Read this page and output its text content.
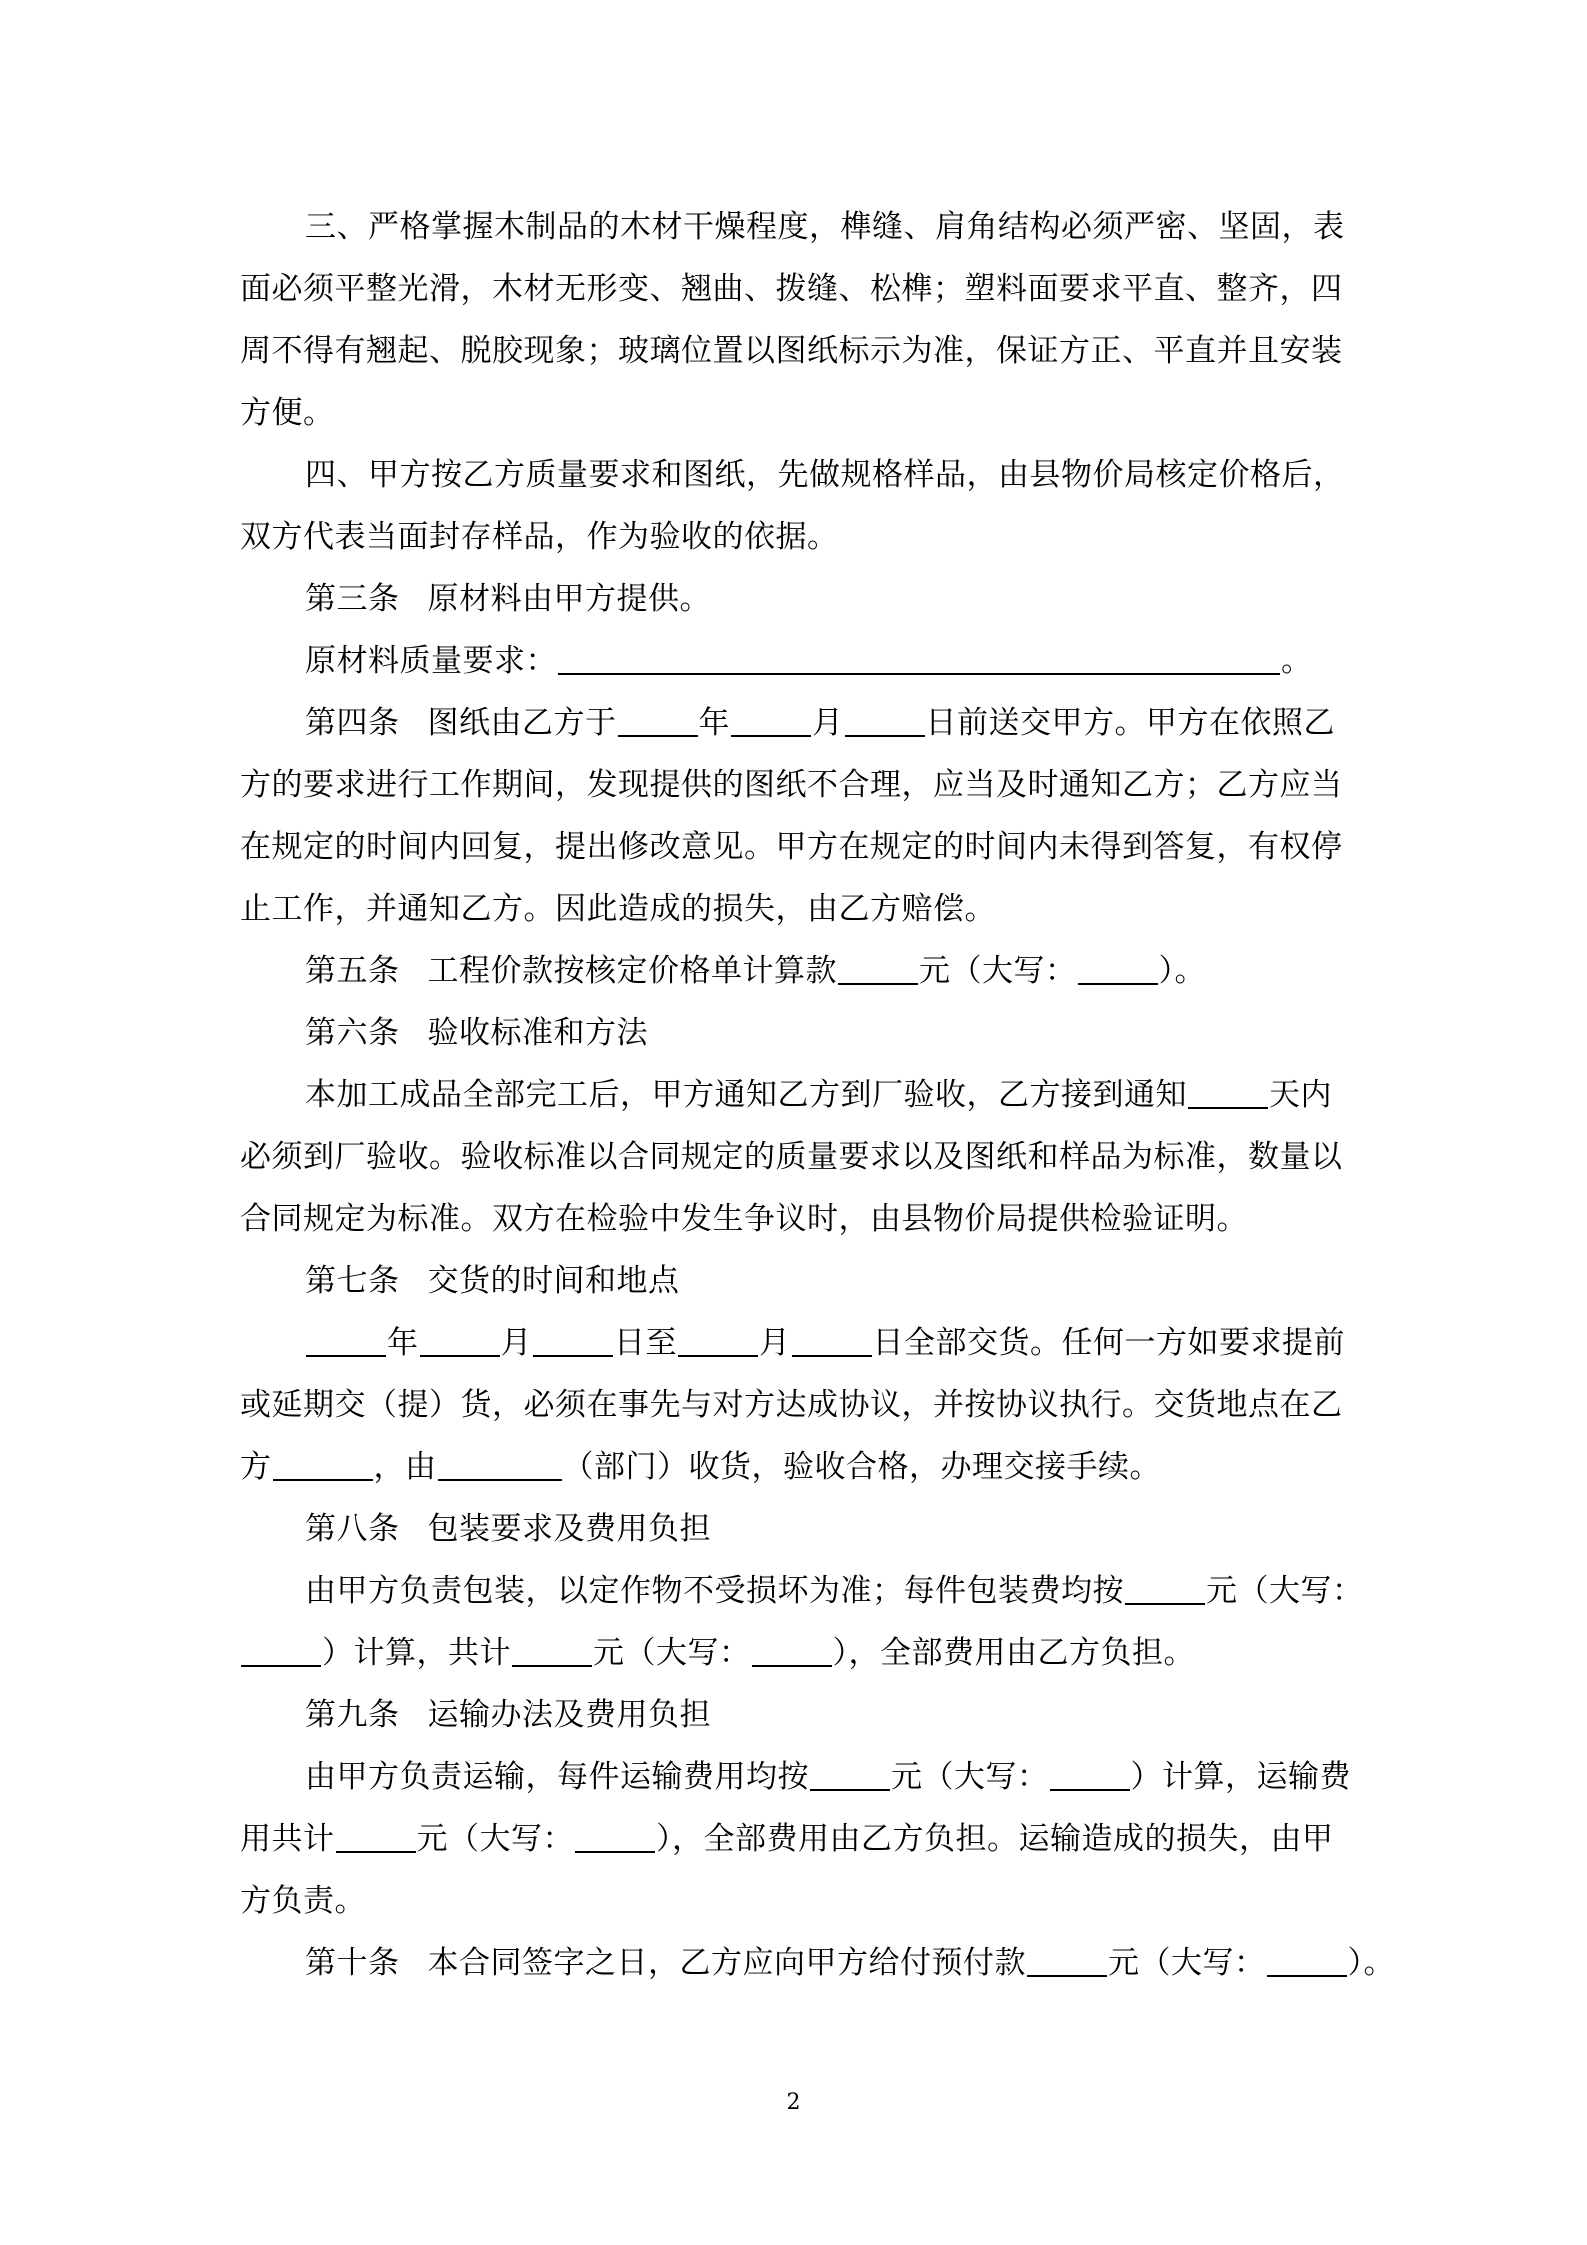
三、严格掌握木制品的木材干燥程度，榫缝、肩角结构必须严密、坚固，表
面必须平整光滑，木材无形变、翘曲、拨缝、松榫；塑料面要求平直、整齐，四
周不得有翘起、脱胶现象；玻璃位置以图纸标示为准，保证方正、平直并且安装
方便。
四、甲方按乙方质量要求和图纸，先做规格样品，由县物价局核定价格后，
双方代表当面封存样品，作为验收的依据。
第三条 原材料由甲方提供。
原材料质量要求：	。
第四条 图纸由乙方于	年	月	日前送交甲方。甲方在依照乙
方的要求进行工作期间，发现提供的图纸不合理，应当及时通知乙方；乙方应当
在规定的时间内回复，提出修改意见。甲方在规定的时间内未得到答复，有权停
止工作，并通知乙方。因此造成的损失，由乙方赔偿。
第五条 工程价款按核定价格单计算款	元（大写：	）。
第六条 验收标准和方法
本加工成品全部完工后，甲方通知乙方到厂验收，乙方接到通知	天内
必须到厂验收。验收标准以合同规定的质量要求以及图纸和样品为标准，数量以
合同规定为标准。双方在检验中发生争议时，由县物价局提供检验证明。
第七条 交货的时间和地点
年	月	日至	月	日全部交货。任何一方如要求提前
或延期交（提）货，必须在事先与对方达成协议，并按协议执行。交货地点在乙
方	，由	（部门）收货，验收合格，办理交接手续。
第八条 包装要求及费用负担
由甲方负责包装，以定作物不受损坏为准；每件包装费均按	元（大写：
）计算，共计	元（大写：	），全部费用由乙方负担。
第九条 运输办法及费用负担
由甲方负责运输，每件运输费用均按	元（大写：	）计算，运输费
用共计	元（大写：	），全部费用由乙方负担。运输造成的损失，由甲
方负责。
第十条 本合同签字之日，乙方应向甲方给付预付款	元（大写：	）。
2
